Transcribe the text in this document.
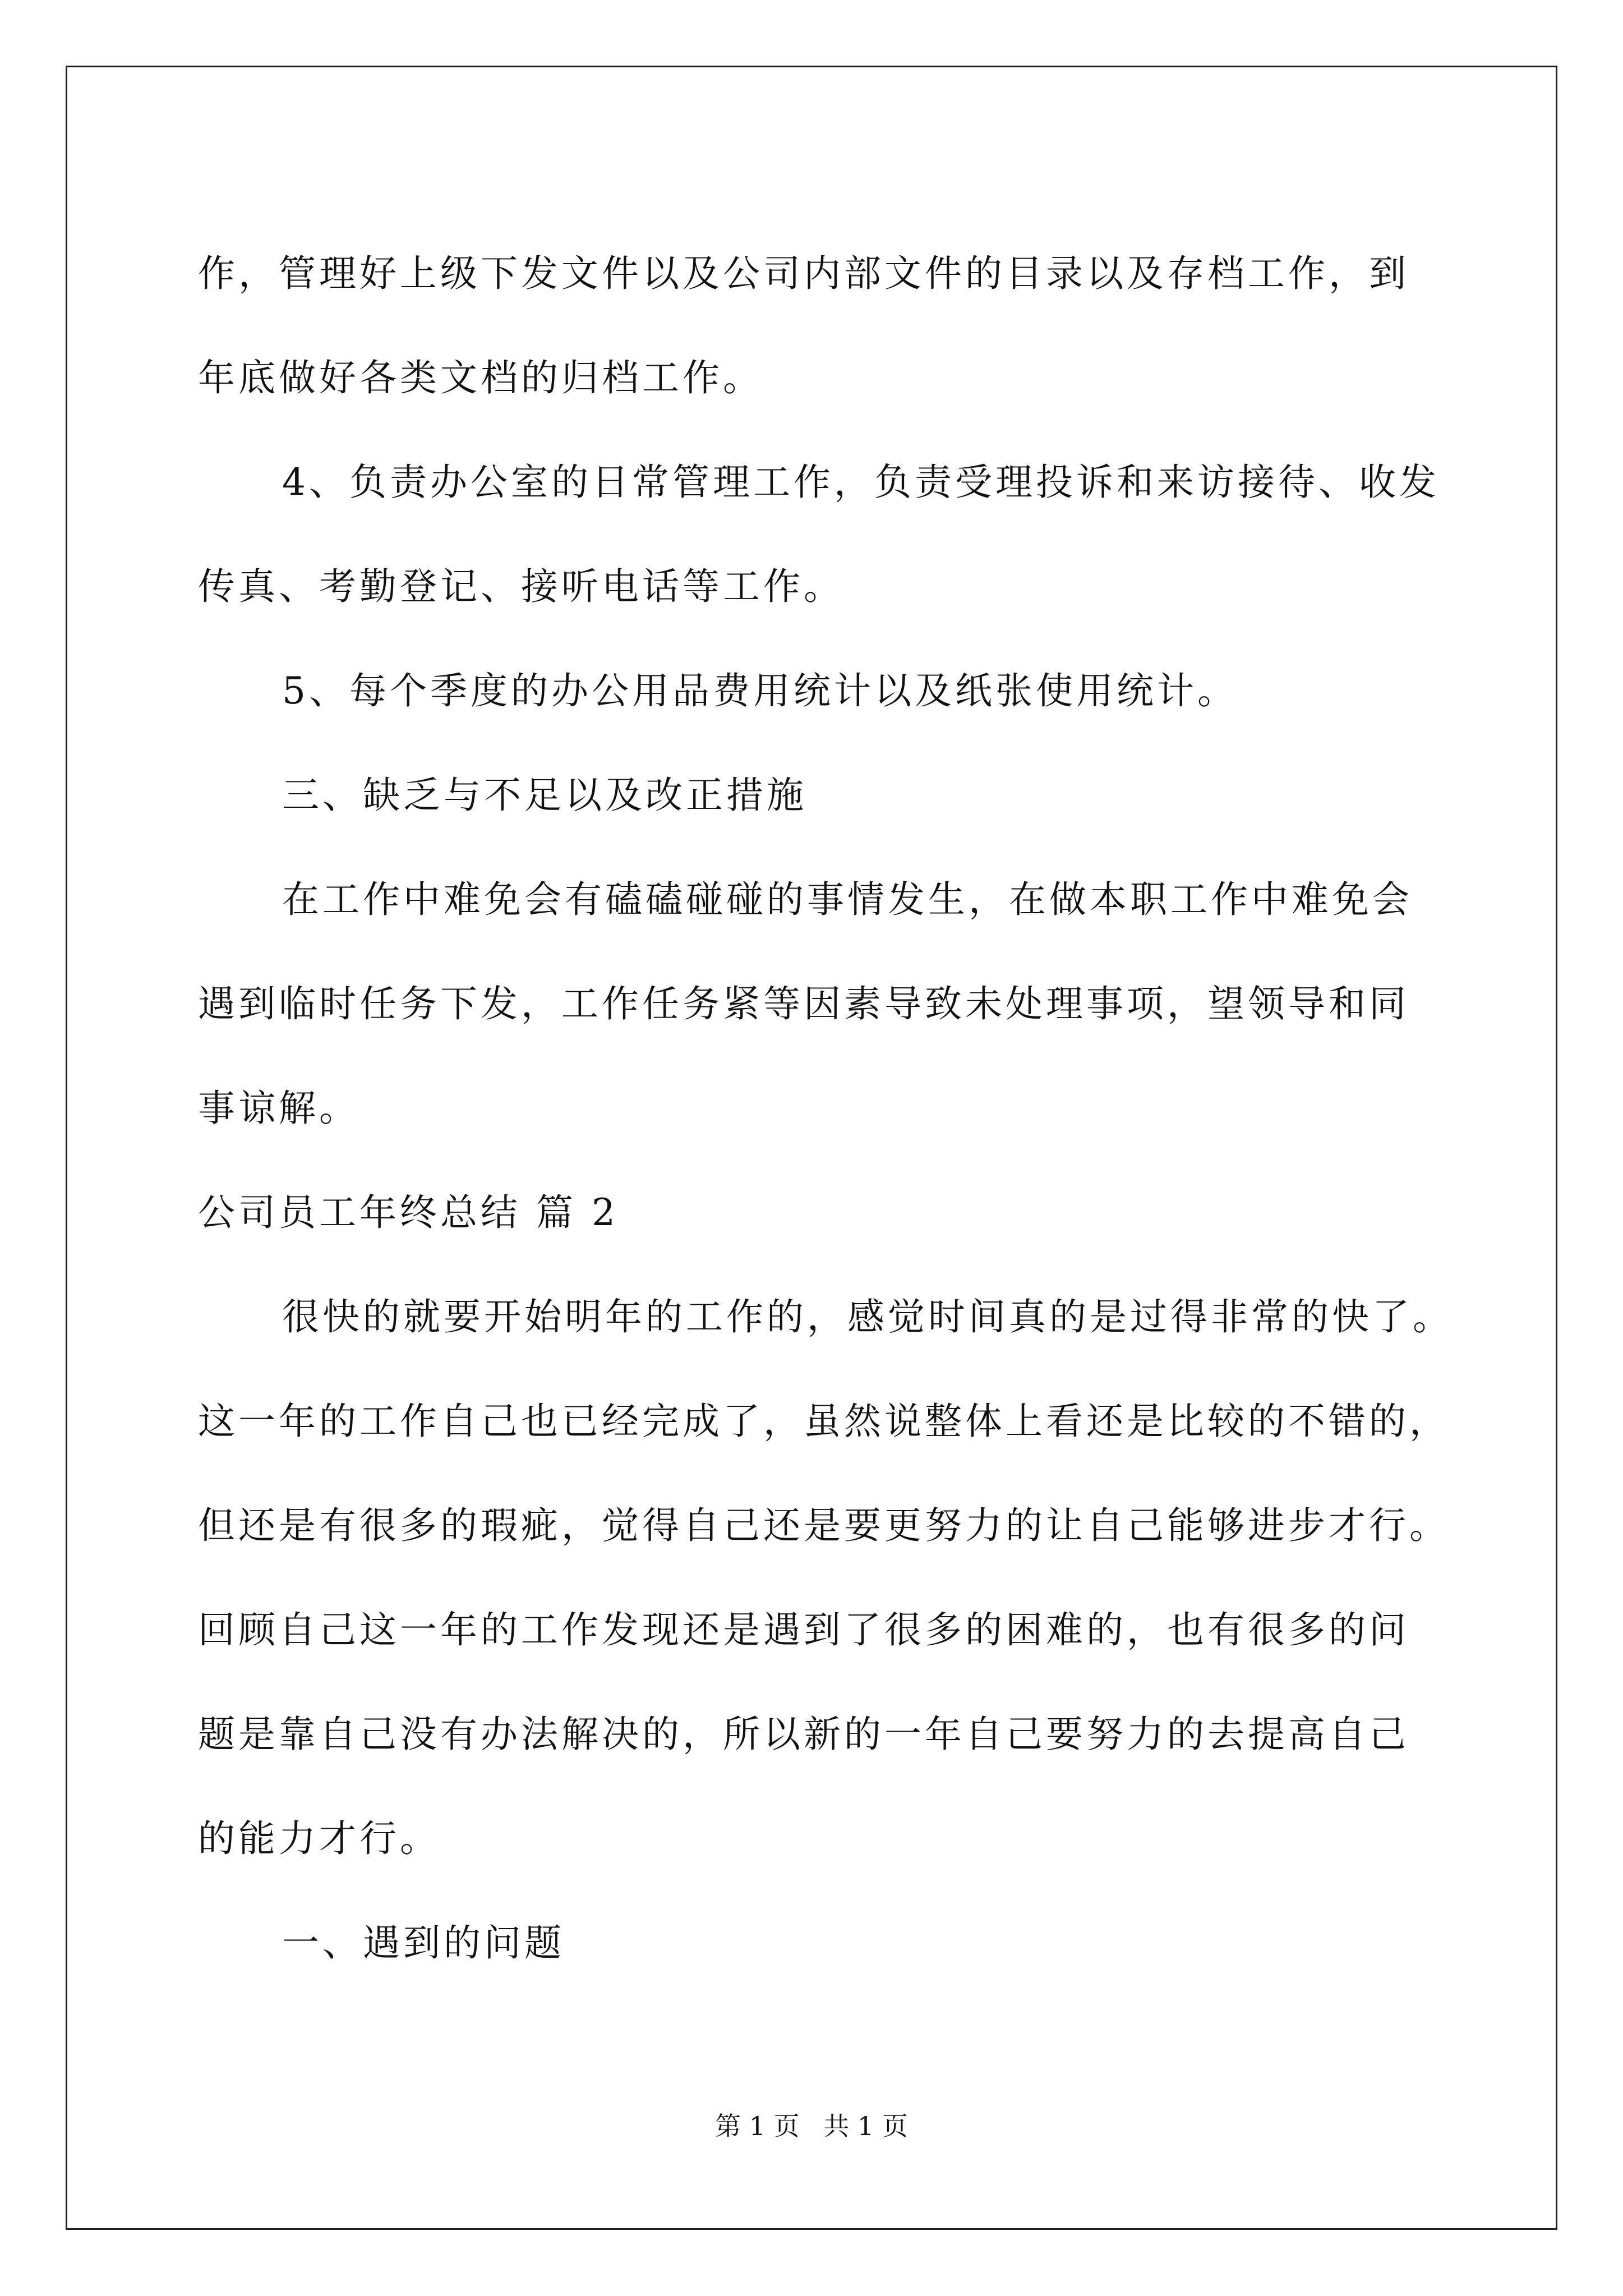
作，管理好上级下发文件以及公司内部文件的目录以及存档工作，到
年底做好各类文档的归档工作。
4、负责办公室的日常管理工作，负责受理投诉和来访接待、收发
传真、考勤登记、接听电话等工作。
5、每个季度的办公用品费用统计以及纸张使用统计。
三、缺乏与不足以及改正措施
在工作中难免会有磕磕碰碰的事情发生，在做本职工作中难免会
遇到临时任务下发，工作任务紧等因素导致未处理事项，望领导和同
事谅解。
公司员工年终总结 篇 2
很快的就要开始明年的工作的，感觉时间真的是过得非常的快了。
这一年的工作自己也已经完成了，虽然说整体上看还是比较的不错的，
但还是有很多的瑕疵，觉得自己还是要更努力的让自己能够进步才行。
回顾自己这一年的工作发现还是遇到了很多的困难的，也有很多的问
题是靠自己没有办法解决的，所以新的一年自己要努力的去提高自己
的能力才行。
一、遇到的问题
第 1 页 共 1 页
